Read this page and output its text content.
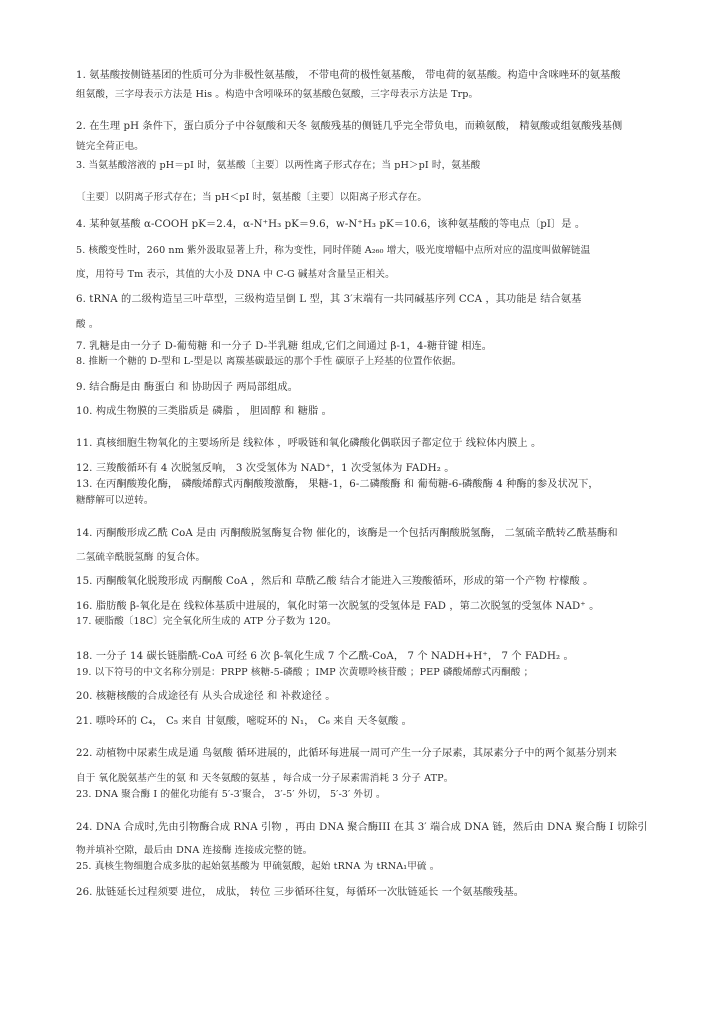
1. 氨基酸按侧链基团的性质可分为非极性氨基酸， 不带电荷的极性氨基酸， 带电荷的氨基酸。构造中含咪唑环的氨基酸
组氨酸，三字母表示方法是 His 。构造中含吲哚环的氨基酸色氨酸，三字母表示方法是 Trp。
2. 在生理 pH 条件下，蛋白质分子中谷氨酸和天冬 氨酸残基的侧链几乎完全带负电，而赖氨酸， 精氨酸或组氨酸残基侧
链完全荷正电。
3. 当氨基酸溶液的 pH＝pI 时，氨基酸〔主要〕以两性离子形式存在；当 pH＞pI 时，氨基酸
〔主要〕以阴离子形式存在；当 pH＜pI 时，氨基酸〔主要〕以阳离子形式存在。
4. 某种氨基酸 α-COOH pK＝2.4，α-N⁺H₃ pK＝9.6，w-N⁺H₃ pK＝10.6，该种氨基酸的等电点〔pI〕是 。
5. 核酸变性时，260 nm 紫外汲取显著上升，称为变性，同时伴随 A₂₆₀ 增大，吸光度增幅中点所对应的温度叫做解链温
度，用符号 Tm 表示，其值的大小及 DNA 中 C-G 碱基对含量呈正相关。
6. tRNA 的二级构造呈三叶草型，三级构造呈倒 L 型，其 3′末端有一共同碱基序列 CCA ，其功能是 结合氨基
酸 。
7. 乳糖是由一分子 D-葡萄糖 和一分子 D-半乳糖 组成,它们之间通过 β-1，4-糖苷键 相连。
8. 推断一个糖的 D-型和 L-型是以 离羰基碳最远的那个手性 碳原子上羟基的位置作依据。
9. 结合酶是由 酶蛋白 和 协助因子 两局部组成。
10. 构成生物膜的三类脂质是 磷脂 ， 胆固醇 和 糖脂 。
11. 真核细胞生物氧化的主要场所是 线粒体 ，呼吸链和氧化磷酸化偶联因子都定位于 线粒体内膜上 。
12. 三羧酸循环有 4 次脱氢反响， 3 次受氢体为 NAD⁺，1 次受氢体为 FADH₂ 。
13. 在丙酮酸羧化酶， 磷酸烯醇式丙酮酸羧激酶， 果糖-1，6-二磷酸酶 和 葡萄糖-6-磷酸酶 4 种酶的参及状况下，
糖酵解可以逆转。
14. 丙酮酸形成乙酰 CoA 是由 丙酮酸脱氢酶复合物 催化的，该酶是一个包括丙酮酸脱氢酶， 二氢硫辛酰转乙酰基酶和
二氢硫辛酰脱氢酶 的复合体。
15. 丙酮酸氧化脱羧形成 丙酮酸 CoA ，然后和 草酰乙酸 结合才能进入三羧酸循环，形成的第一个产物 柠檬酸 。
16. 脂肪酸 β-氧化是在 线粒体基质中进展的，氧化时第一次脱氢的受氢体是 FAD ，第二次脱氢的受氢体 NAD⁺ 。
17. 硬脂酸〔18C〕完全氧化所生成的 ATP 分子数为 120。
18. 一分子 14 碳长链脂酰-CoA 可经 6 次 β-氧化生成 7 个乙酰-CoA， 7 个 NADH+H⁺， 7 个 FADH₂ 。
19. 以下符号的中文名称分别是：PRPP 核糖-5-磷酸 ；IMP 次黄嘌呤核苷酸 ；PEP 磷酸烯醇式丙酮酸 ；
20. 核糖核酸的合成途径有 从头合成途径 和 补救途径 。
21. 嘌呤环的 C₄， C₅ 来自 甘氨酸，嘧啶环的 N₁， C₆ 来自 天冬氨酸 。
22. 动植物中尿素生成是通 鸟氨酸 循环进展的，此循环每进展一周可产生一分子尿素，其尿素分子中的两个氮基分别来
自于 氧化脱氨基产生的氨 和 天冬氨酸的氨基 ，每合成一分子尿素需消耗 3 分子 ATP。
23. DNA 聚合酶 I 的催化功能有 5′-3′聚合， 3′-5′ 外切， 5′-3′ 外切 。
24. DNA 合成时,先由引物酶合成 RNA 引物 ，再由 DNA 聚合酶III 在其 3′ 端合成 DNA 链，然后由 DNA 聚合酶 I 切除引
物并填补空隙，最后由 DNA 连接酶 连接成完整的链。
25. 真核生物细胞合成多肽的起始氨基酸为 甲硫氨酸，起始 tRNA 为 tRNA₁甲硫 。
26. 肽链延长过程须要 进位， 成肽， 转位 三步循环往复，每循环一次肽链延长 一个氨基酸残基。
